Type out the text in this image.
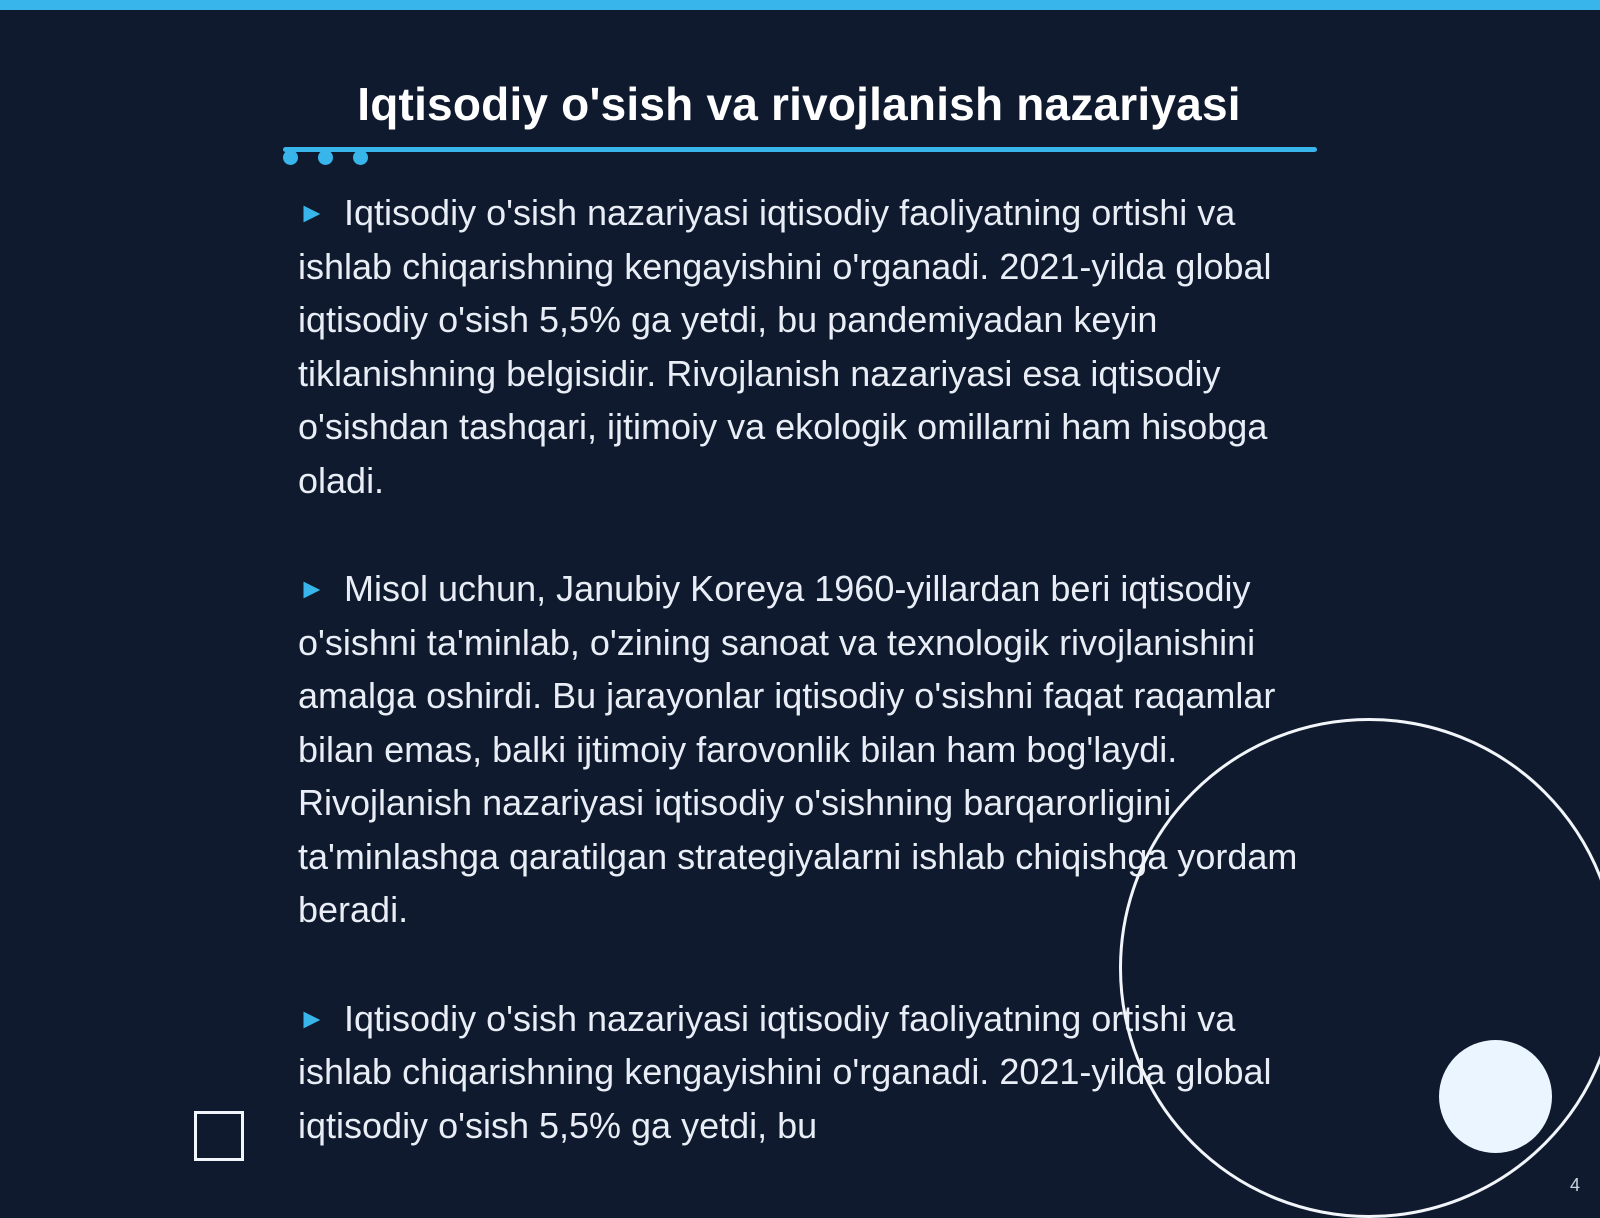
Iqtisodiy o'sish va rivojlanish nazariyasi

► Iqtisodiy o'sish nazariyasi iqtisodiy faoliyatning ortishi va ishlab chiqarishning kengayishini o'rganadi. 2021-yilda global iqtisodiy o'sish 5,5% ga yetdi, bu pandemiyadan keyin tiklanishning belgisidir. Rivojlanish nazariyasi esa iqtisodiy o'sishdan tashqari, ijtimoiy va ekologik omillarni ham hisobga oladi.

► Misol uchun, Janubiy Koreya 1960-yillardan beri iqtisodiy o'sishni ta'minlab, o'zining sanoat va texnologik rivojlanishini amalga oshirdi. Bu jarayonlar iqtisodiy o'sishni faqat raqamlar bilan emas, balki ijtimoiy farovonlik bilan ham bog'laydi. Rivojlanish nazariyasi iqtisodiy o'sishning barqarorligini ta'minlashga qaratilgan strategiyalarni ishlab chiqishga yordam beradi.

► Iqtisodiy o'sish nazariyasi iqtisodiy faoliyatning ortishi va ishlab chiqarishning kengayishini o'rganadi. 2021-yilda global iqtisodiy o'sish 5,5% ga yetdi, bu

4
